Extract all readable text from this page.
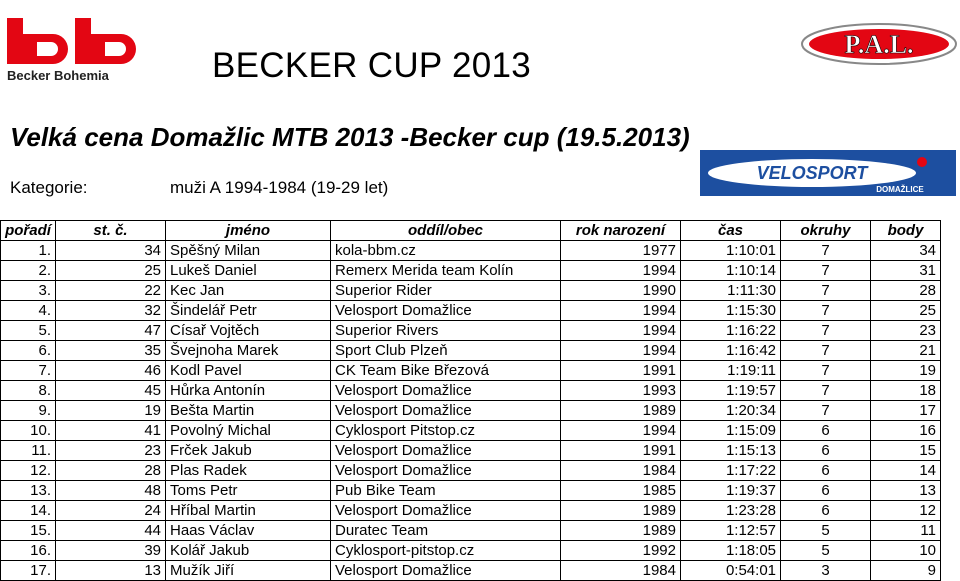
Becker Bohemia	BECKER CUP 2013
P.A.L.
Velká cena Domažlic MTB 2013 -Becker cup (19.5.2013)
VELOSPORT
DOMAŽLICE
Kategorie:	muži A 1994-1984 (19-29 let)
pořadí	st. č.	jméno	oddíl/obec	rok narození	čas	okruhy	body
1.	34	Spěšný Milan	kola-bbm.cz	1977	1:10:01	7	34
2.	25	Lukeš Daniel	Remerx Merida team Kolín	1994	1:10:14	7	31
3.	22	Kec Jan	Superior Rider	1990	1:11:30	7	28
4.	32	Šindelář Petr	Velosport Domažlice	1994	1:15:30	7	25
5.	47	Císař Vojtěch	Superior Rivers	1994	1:16:22	7	23
6.	35	Švejnoha Marek	Sport Club Plzeň	1994	1:16:42	7	21
7.	46	Kodl Pavel	CK Team Bike Březová	1991	1:19:11	7	19
8.	45	Hůrka Antonín	Velosport Domažlice	1993	1:19:57	7	18
9.	19	Bešta Martin	Velosport Domažlice	1989	1:20:34	7	17
10.	41	Povolný Michal	Cyklosport Pitstop.cz	1994	1:15:09	6	16
11.	23	Frček Jakub	Velosport Domažlice	1991	1:15:13	6	15
12.	28	Plas Radek	Velosport Domažlice	1984	1:17:22	6	14
13.	48	Toms Petr	Pub Bike Team	1985	1:19:37	6	13
14.	24	Hříbal Martin	Velosport Domažlice	1989	1:23:28	6	12
15.	44	Haas Václav	Duratec Team	1989	1:12:57	5	11
16.	39	Kolář Jakub	Cyklosport-pitstop.cz	1992	1:18:05	5	10
17.	13	Mužík Jiří	Velosport Domažlice	1984	0:54:01	3	9
